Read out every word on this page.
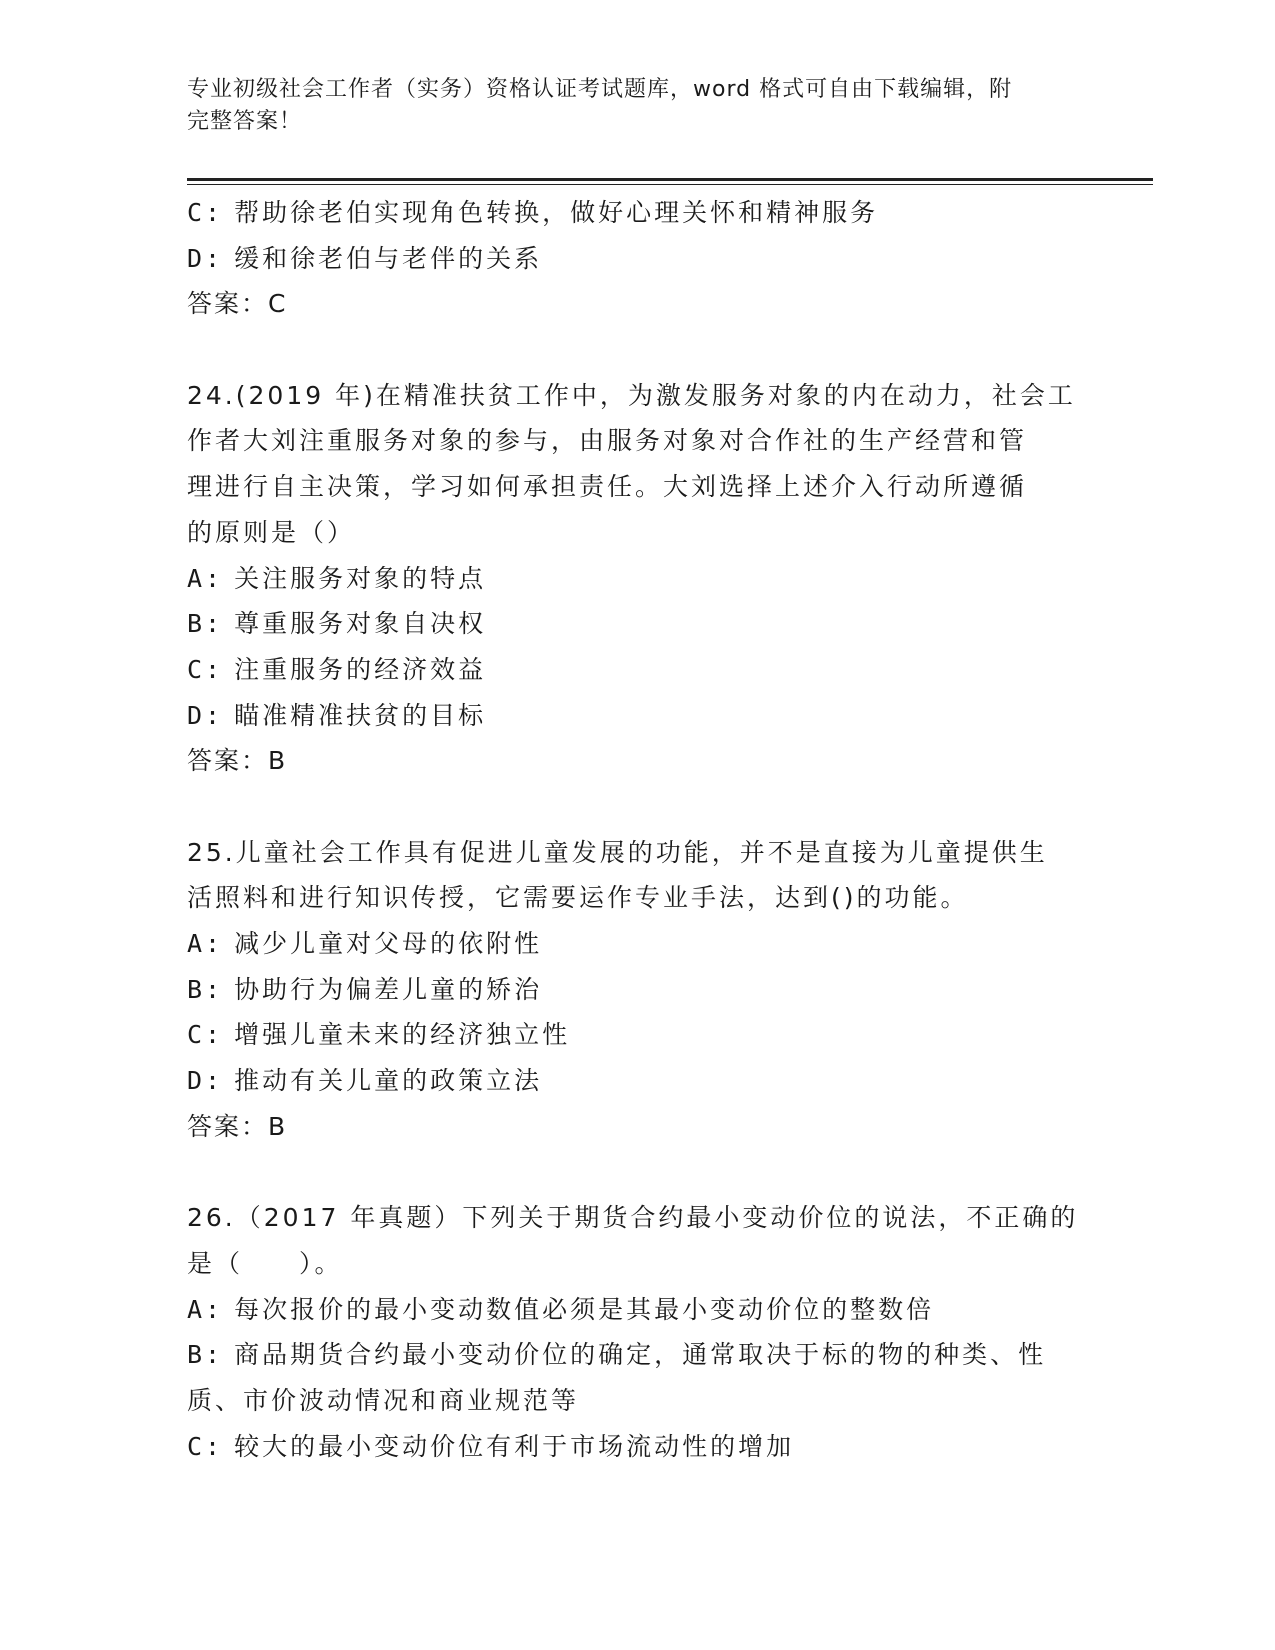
专业初级社会工作者（实务）资格认证考试题库，word 格式可自由下载编辑，附
完整答案！
C: 帮助徐老伯实现角色转换，做好心理关怀和精神服务
D: 缓和徐老伯与老伴的关系
答案：C
24.(2019 年)在精准扶贫工作中，为激发服务对象的内在动力，社会工
作者大刘注重服务对象的参与，由服务对象对合作社的生产经营和管
理进行自主决策，学习如何承担责任。大刘选择上述介入行动所遵循
的原则是（）
A: 关注服务对象的特点
B: 尊重服务对象自决权
C: 注重服务的经济效益
D: 瞄准精准扶贫的目标
答案：B
25.儿童社会工作具有促进儿童发展的功能，并不是直接为儿童提供生
活照料和进行知识传授，它需要运作专业手法，达到()的功能。
A: 减少儿童对父母的依附性
B: 协助行为偏差儿童的矫治
C: 增强儿童未来的经济独立性
D: 推动有关儿童的政策立法
答案：B
26.（2017 年真题）下列关于期货合约最小变动价位的说法，不正确的
是（　　）。
A: 每次报价的最小变动数值必须是其最小变动价位的整数倍
B: 商品期货合约最小变动价位的确定，通常取决于标的物的种类、性
质、市价波动情况和商业规范等
C: 较大的最小变动价位有利于市场流动性的增加
